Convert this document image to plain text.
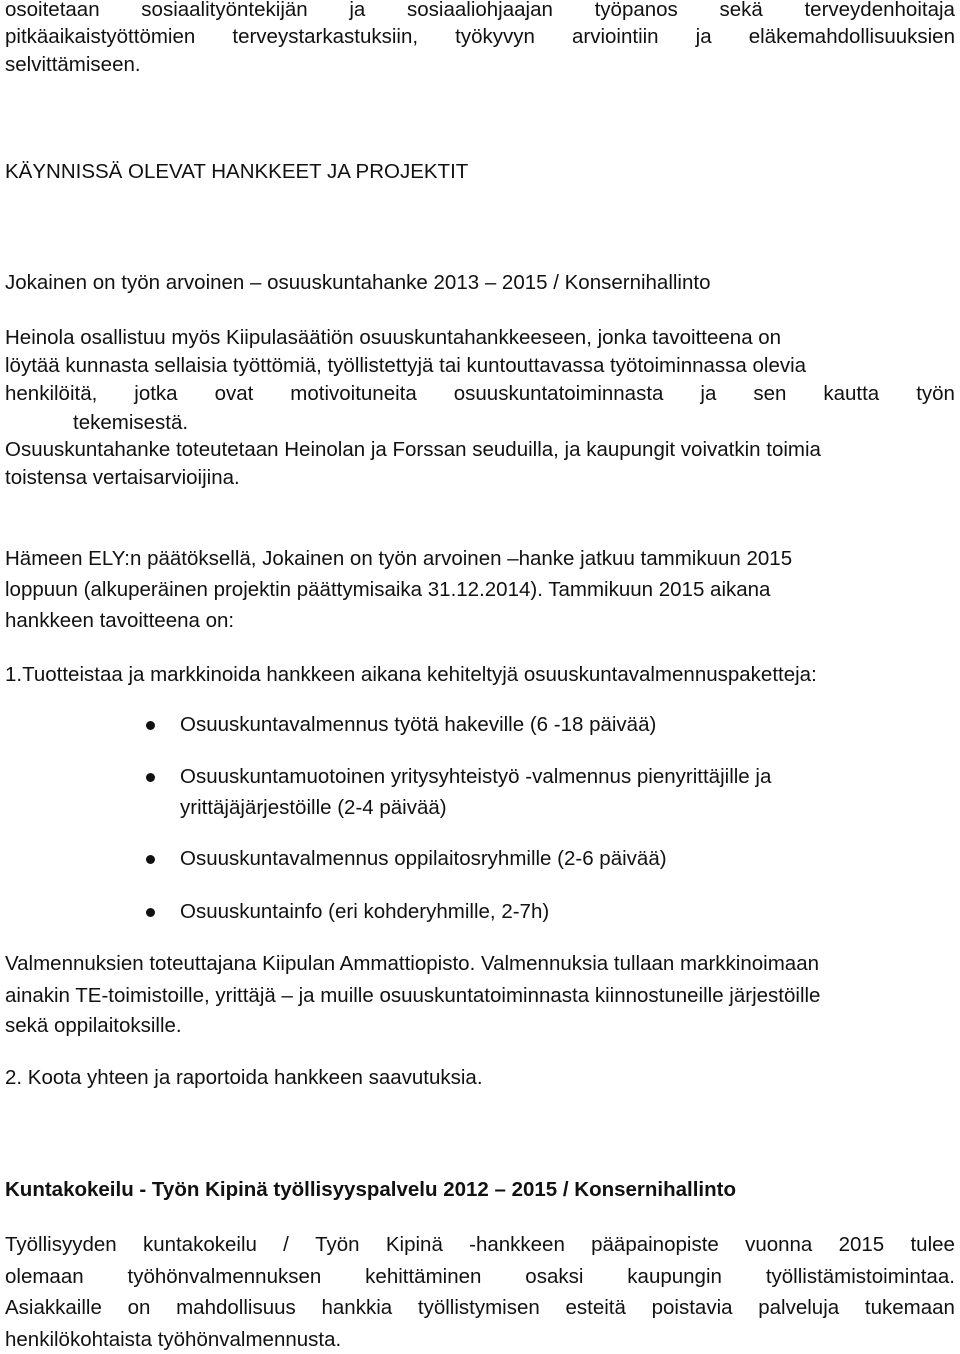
osoitetaan sosiaalityöntekijän ja sosiaaliohjaajan työpanos sekä terveydenhoitaja
pitkäaikaistyöttömien terveystarkastuksiin, työkyvyn arviointiin ja eläkemahdollisuuksien
selvittämiseen.
KÄYNNISSÄ OLEVAT HANKKEET JA PROJEKTIT
Jokainen on työn arvoinen – osuuskuntahanke 2013 – 2015 / Konsernihallinto
Heinola osallistuu myös Kiipulasäätiön osuuskuntahankkeeseen, jonka tavoitteena on
löytää kunnasta sellaisia työttömiä, työllistettyjä tai kuntouttavassa työtoiminnassa olevia
henkilöitä, jotka ovat motivoituneita osuuskuntatoiminnasta ja sen kautta työn
tekemisestä.
Osuuskuntahanke toteutetaan Heinolan ja Forssan seuduilla, ja kaupungit voivatkin toimia
toistensa vertaisarvioijina.
Hämeen ELY:n päätöksellä, Jokainen on työn arvoinen –hanke jatkuu tammikuun 2015
loppuun (alkuperäinen projektin päättymisaika 31.12.2014). Tammikuun 2015 aikana
hankkeen tavoitteena on:
1.Tuotteistaa ja markkinoida hankkeen aikana kehiteltyjä osuuskuntavalmennuspaketteja:
Osuuskuntavalmennus työtä hakeville (6 -18 päivää)
Osuuskuntamuotoinen yritysyhteistyö -valmennus pienyrittäjille ja
yrittäjäjärjestöille (2-4 päivää)
Osuuskuntavalmennus oppilaitosryhmille (2-6 päivää)
Osuuskuntainfo (eri kohderyhmille, 2-7h)
Valmennuksien toteuttajana Kiipulan Ammattiopisto. Valmennuksia tullaan markkinoimaan
ainakin TE-toimistoille, yrittäjä – ja muille osuuskuntatoiminnasta kiinnostuneille järjestöille
sekä oppilaitoksille.
2. Koota yhteen ja raportoida hankkeen saavutuksia.
Kuntakokeilu - Työn Kipinä työllisyyspalvelu 2012 – 2015 / Konsernihallinto
Työllisyyden kuntakokeilu / Työn Kipinä -hankkeen pääpainopiste vuonna 2015 tulee
olemaan työhönvalmennuksen kehittäminen osaksi kaupungin työllistämistoimintaa.
Asiakkaille on mahdollisuus hankkia työllistymisen esteitä poistavia palveluja tukemaan
henkilökohtaista työhönvalmennusta.
